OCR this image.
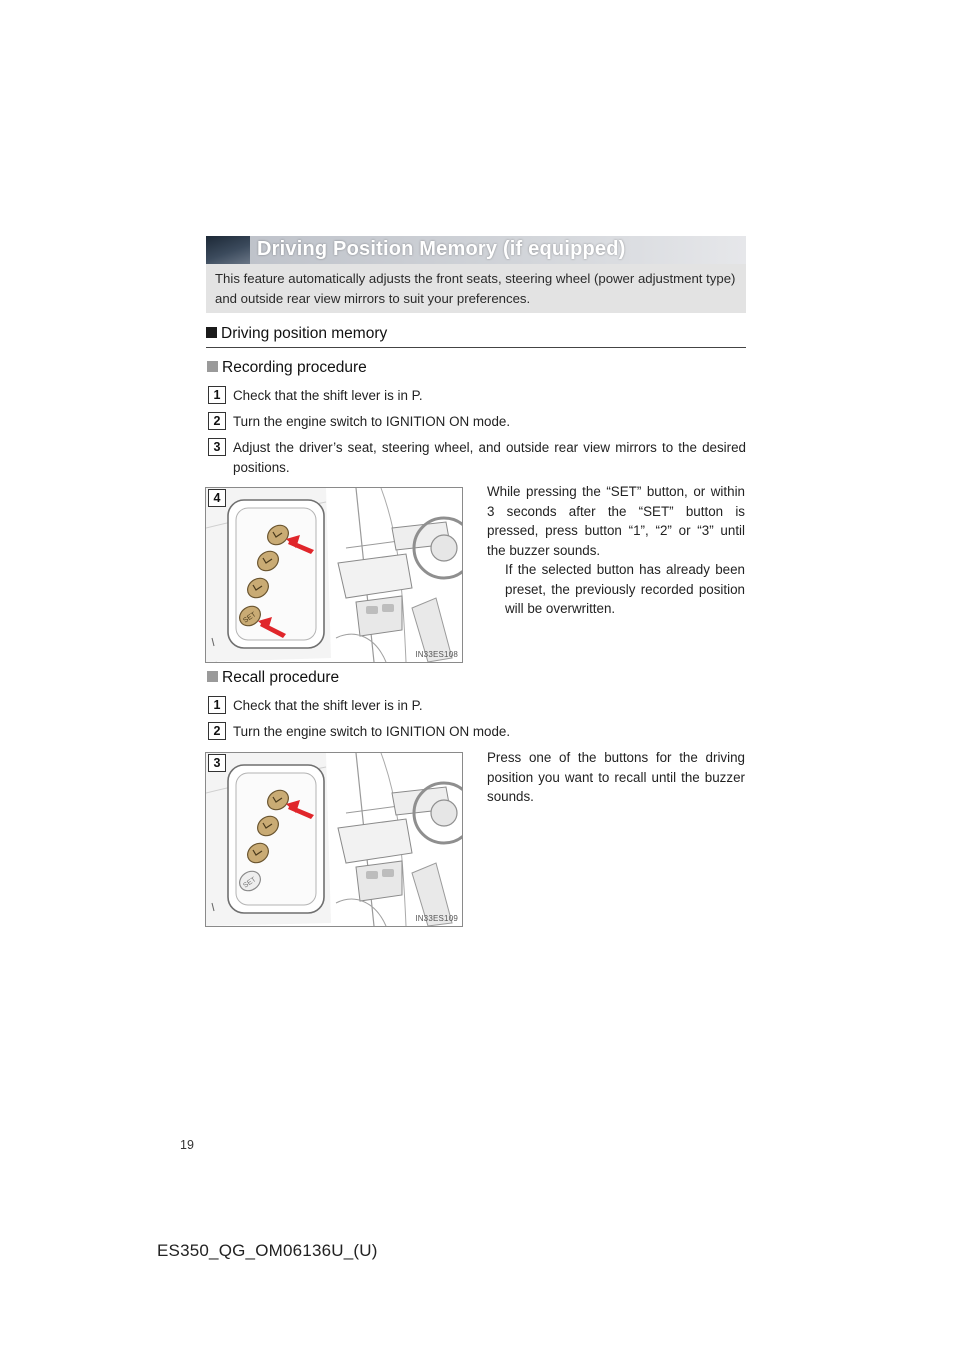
Driving Position Memory (if equipped)

This feature automatically adjusts the front seats, steering wheel (power adjustment type) and outside rear view mirrors to suit your preferences.

Driving position memory
Recording procedure
1 Check that the shift lever is in P.
2 Turn the engine switch to IGNITION ON mode.
3 Adjust the driver’s seat, steering wheel, and outside rear view mirrors to the desired positions.
SET
IN33ES108
4	While pressing the “SET” button, or within 3 seconds after the “SET” button is pressed, press button “1”, “2” or “3” until the buzzer sounds.
If the selected button has already been preset, the previously recorded position will be overwritten.
Recall procedure
1 Check that the shift lever is in P.
2 Turn the engine switch to IGNITION ON mode.
SET
IN33ES109
3	Press one of the buttons for the driving position you want to recall until the buzzer sounds.
19
ES350_QG_OM06136U_(U)
